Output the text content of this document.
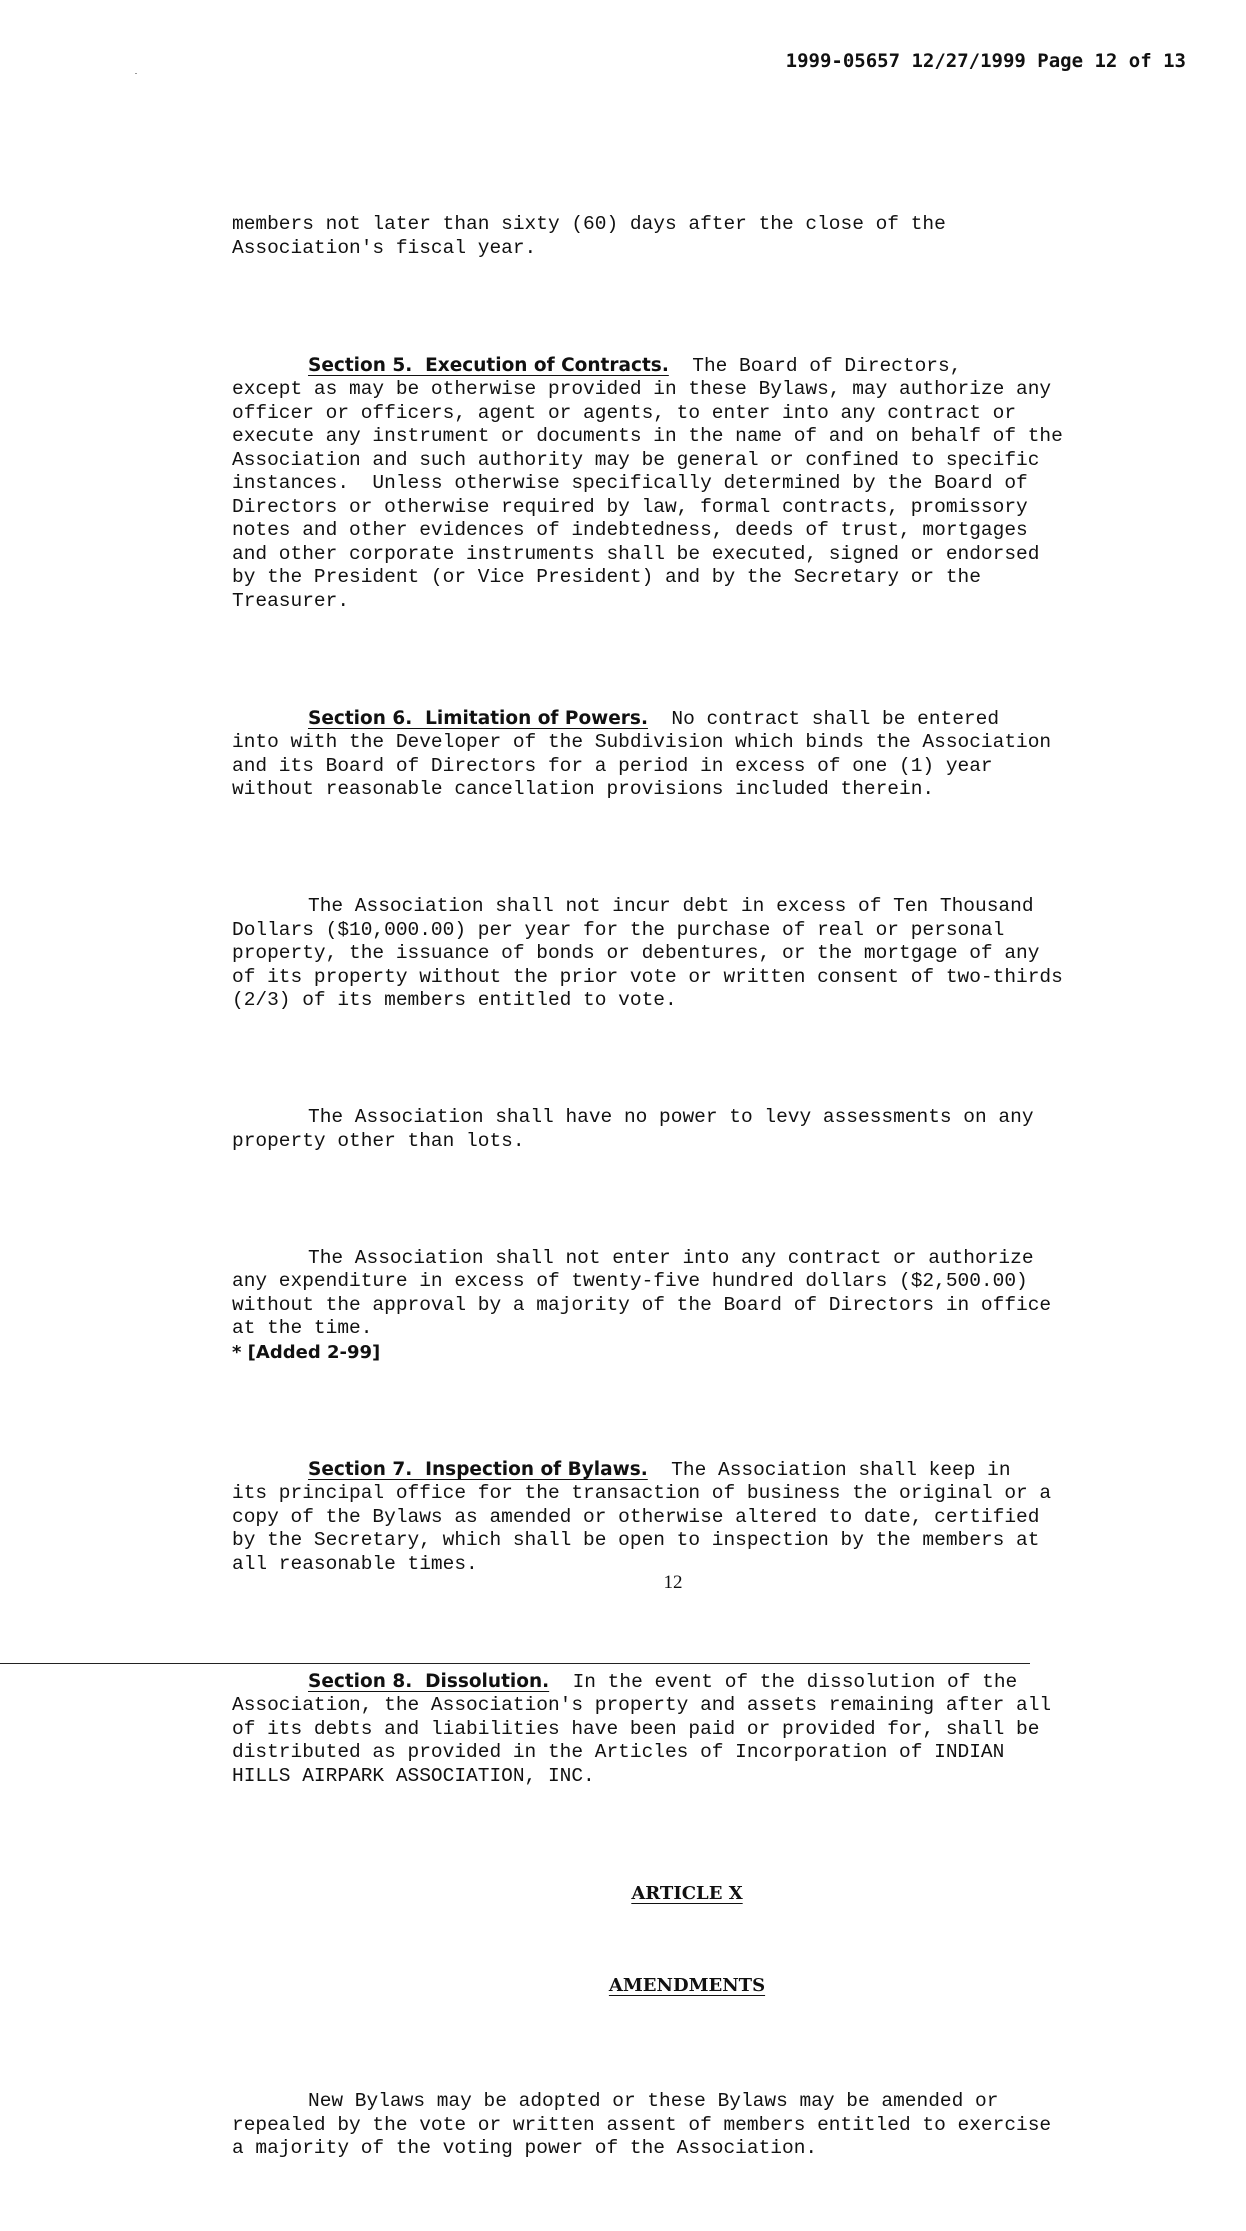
1999-05657 12/27/1999 Page 12 of 13

members not later than sixty (60) days after the close of the
Association's fiscal year.

Section 5.  Execution of Contracts.  The Board of Directors,
except as may be otherwise provided in these Bylaws, may authorize any
officer or officers, agent or agents, to enter into any contract or
execute any instrument or documents in the name of and on behalf of the
Association and such authority may be general or confined to specific
instances.  Unless otherwise specifically determined by the Board of
Directors or otherwise required by law, formal contracts, promissory
notes and other evidences of indebtedness, deeds of trust, mortgages
and other corporate instruments shall be executed, signed or endorsed
by the President (or Vice President) and by the Secretary or the
Treasurer.

Section 6.  Limitation of Powers.  No contract shall be entered
into with the Developer of the Subdivision which binds the Association
and its Board of Directors for a period in excess of one (1) year
without reasonable cancellation provisions included therein.

The Association shall not incur debt in excess of Ten Thousand
Dollars ($10,000.00) per year for the purchase of real or personal
property, the issuance of bonds or debentures, or the mortgage of any
of its property without the prior vote or written consent of two-thirds
(2/3) of its members entitled to vote.

The Association shall have no power to levy assessments on any
property other than lots.

The Association shall not enter into any contract or authorize
any expenditure in excess of twenty-five hundred dollars ($2,500.00)
without the approval by a majority of the Board of Directors in office
at the time.
* [Added 2-99]

Section 7.  Inspection of Bylaws.  The Association shall keep in
its principal office for the transaction of business the original or a
copy of the Bylaws as amended or otherwise altered to date, certified
by the Secretary, which shall be open to inspection by the members at
all reasonable times.

Section 8.  Dissolution.  In the event of the dissolution of the
Association, the Association's property and assets remaining after all
of its debts and liabilities have been paid or provided for, shall be
distributed as provided in the Articles of Incorporation of INDIAN
HILLS AIRPARK ASSOCIATION, INC.

ARTICLE X

AMENDMENTS

New Bylaws may be adopted or these Bylaws may be amended or
repealed by the vote or written assent of members entitled to exercise
a majority of the voting power of the Association.

12
